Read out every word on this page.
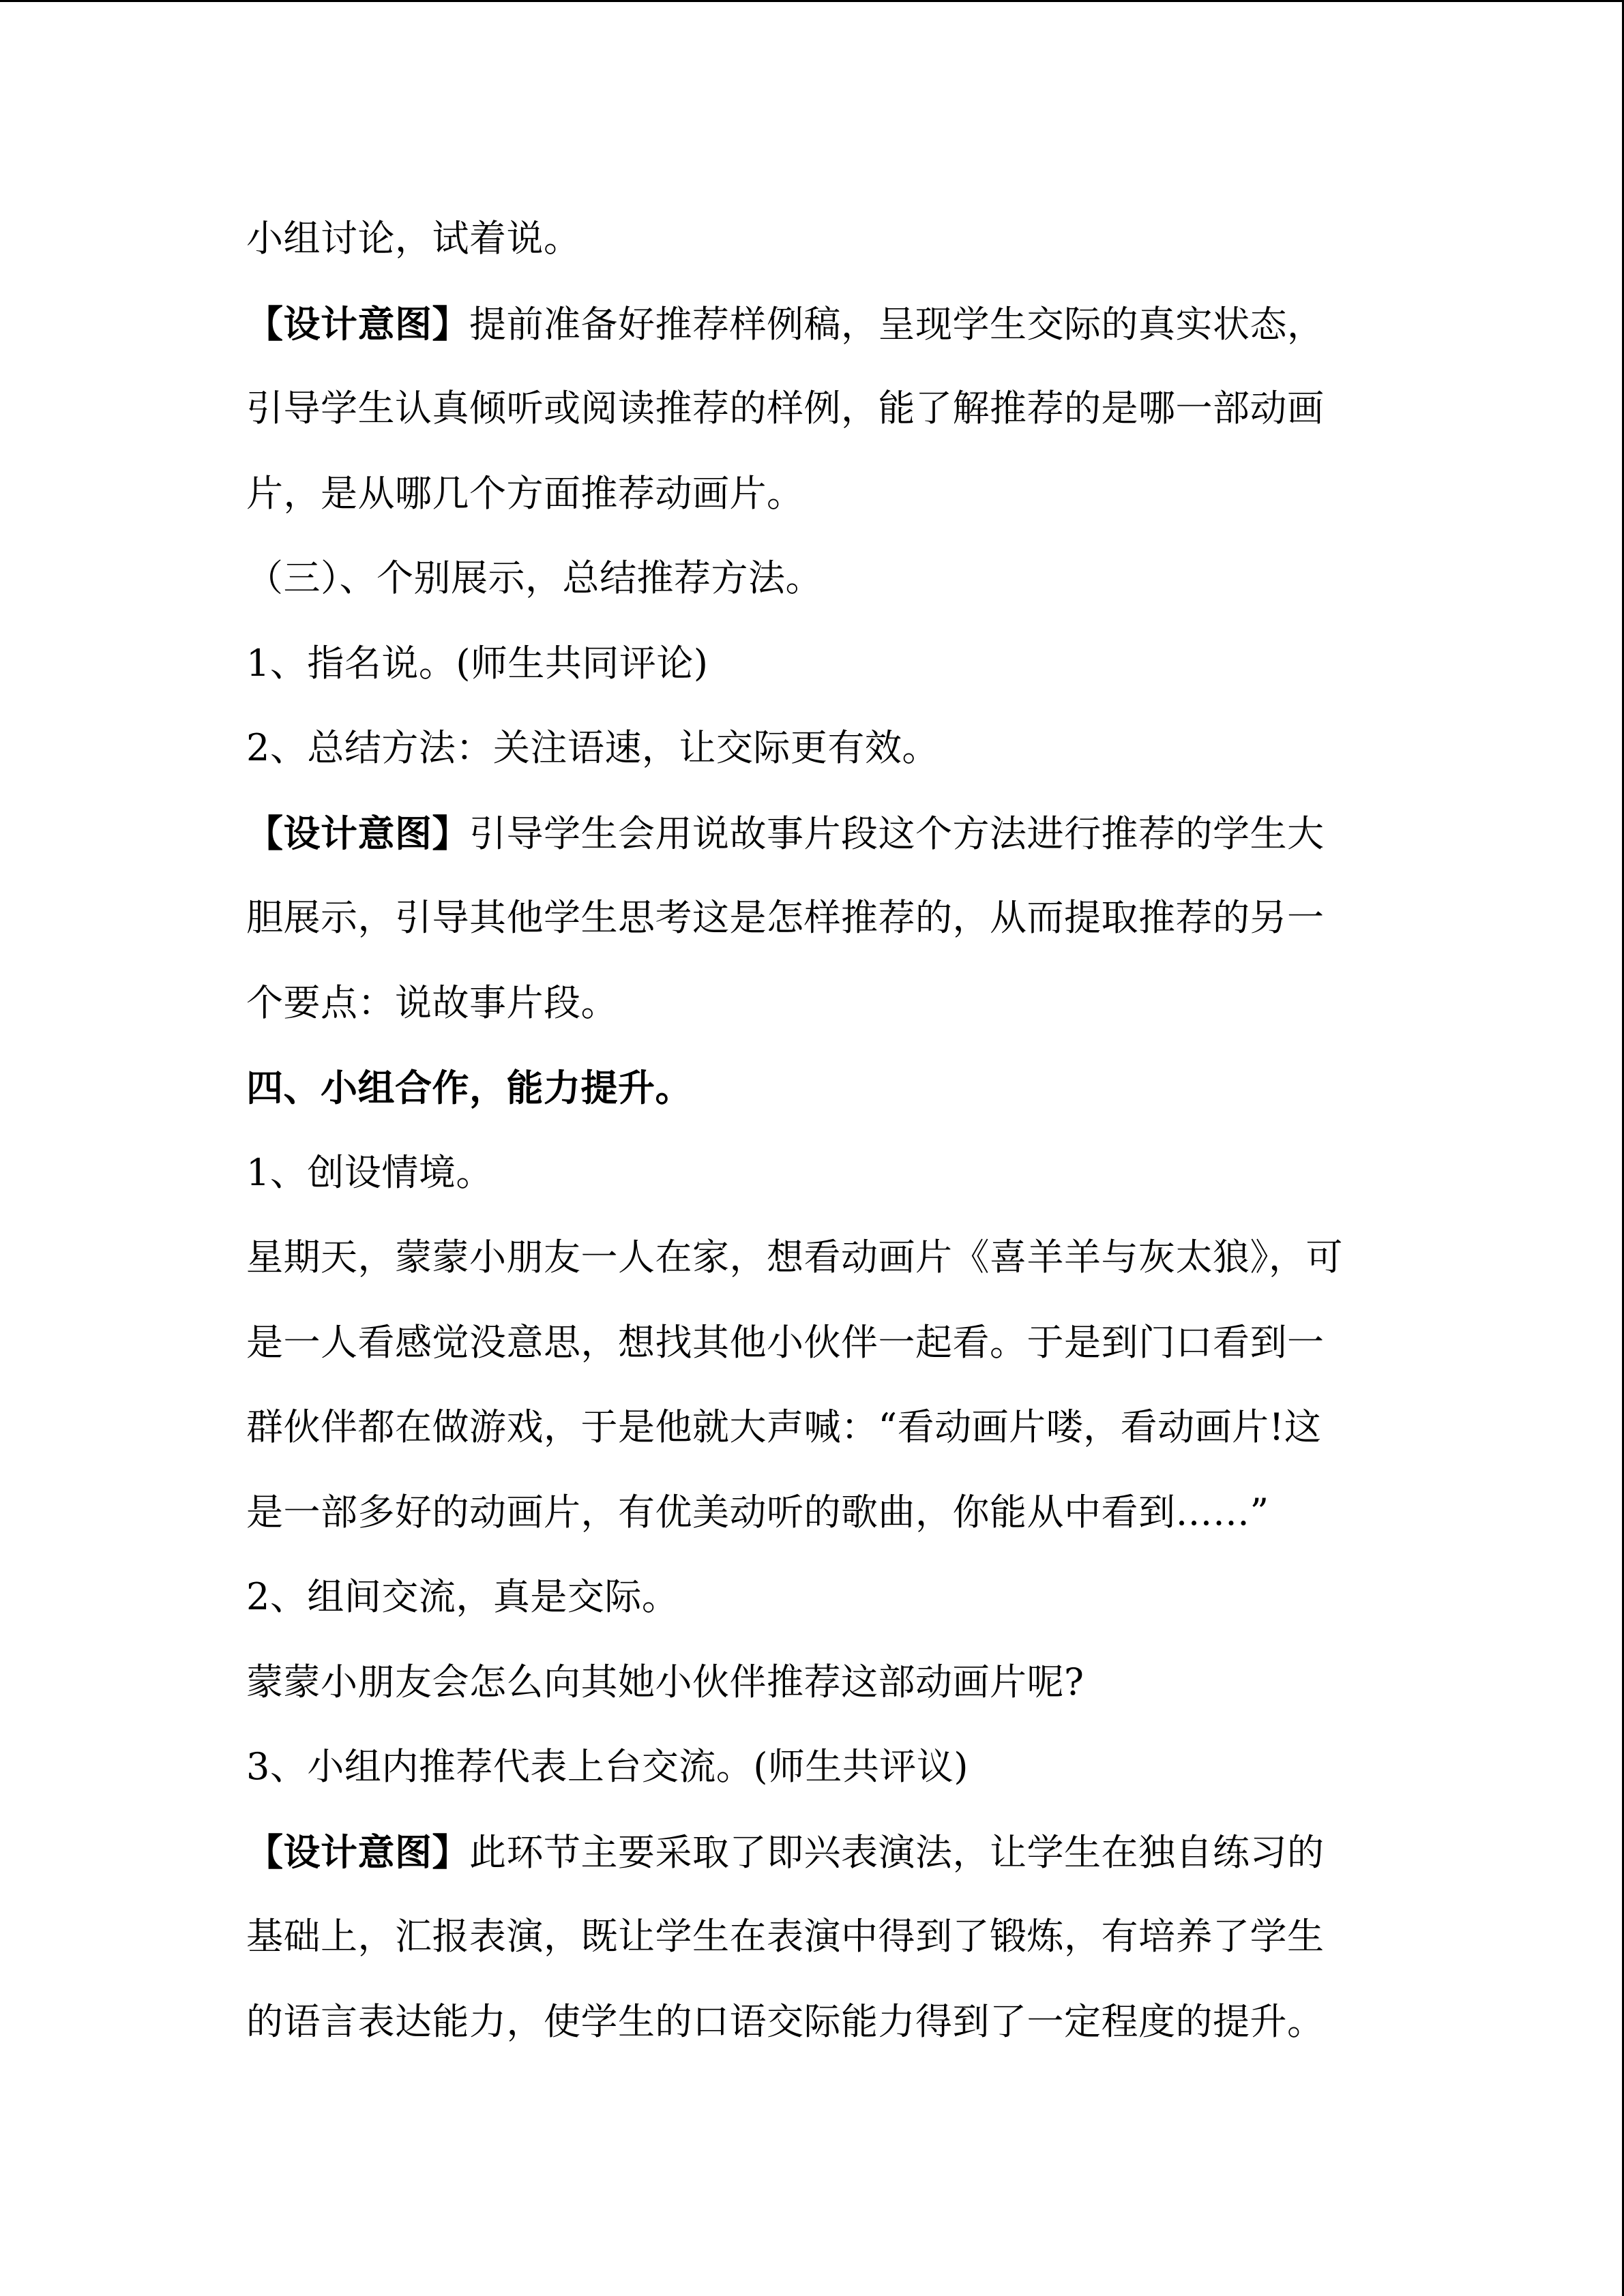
小组讨论，试着说。
【设计意图】提前准备好推荐样例稿，呈现学生交际的真实状态，
引导学生认真倾听或阅读推荐的样例，能了解推荐的是哪一部动画
片，是从哪几个方面推荐动画片。
（三）、个别展示，总结推荐方法。
1、指名说。(师生共同评论)
2、总结方法：关注语速，让交际更有效。
【设计意图】引导学生会用说故事片段这个方法进行推荐的学生大
胆展示，引导其他学生思考这是怎样推荐的，从而提取推荐的另一
个要点：说故事片段。
四、小组合作，能力提升。
1、创设情境。
星期天，蒙蒙小朋友一人在家，想看动画片《喜羊羊与灰太狼》，可
是一人看感觉没意思，想找其他小伙伴一起看。于是到门口看到一
群伙伴都在做游戏，于是他就大声喊：“看动画片喽，看动画片!这
是一部多好的动画片，有优美动听的歌曲，你能从中看到……”
2、组间交流，真是交际。
蒙蒙小朋友会怎么向其她小伙伴推荐这部动画片呢?
3、小组内推荐代表上台交流。(师生共评议)
【设计意图】此环节主要采取了即兴表演法，让学生在独自练习的
基础上，汇报表演，既让学生在表演中得到了锻炼，有培养了学生
的语言表达能力，使学生的口语交际能力得到了一定程度的提升。
